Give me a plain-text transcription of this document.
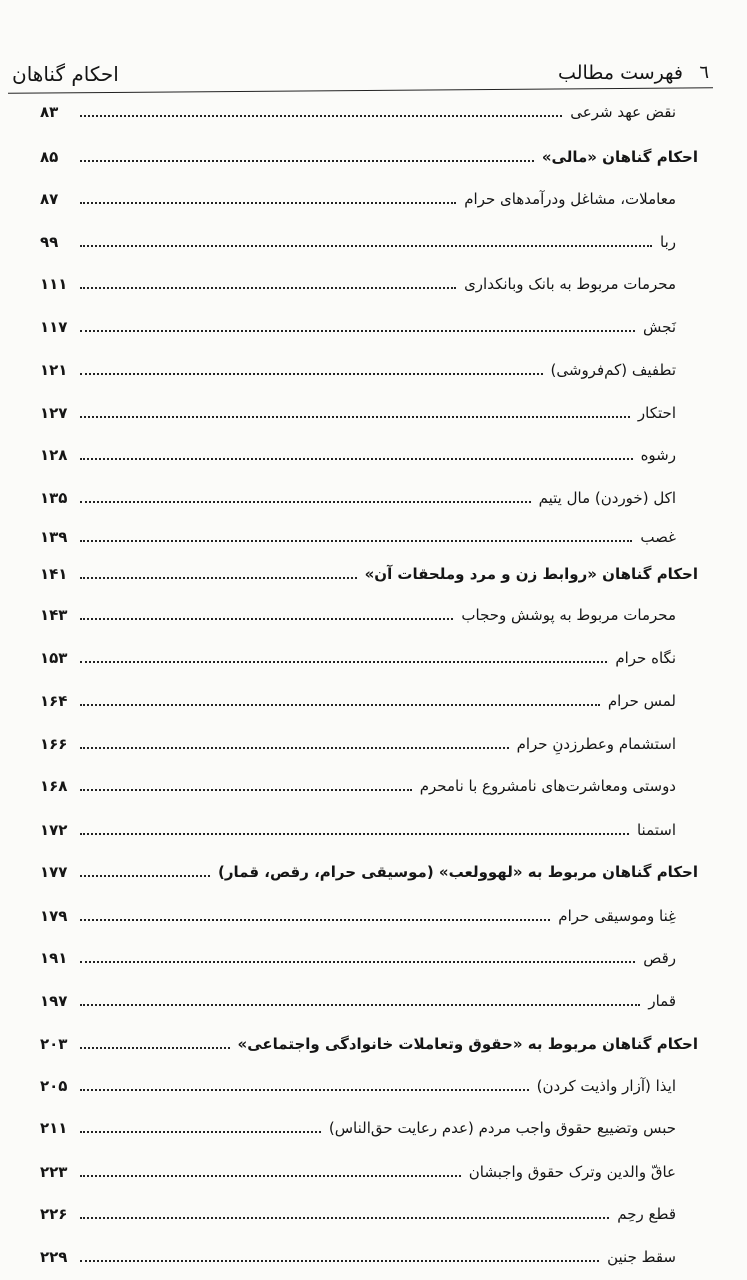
٦
فهرست مطالب
احکام گناهان
نقض عهد شرعی
۸۳
احکام گناهان «مالی»
۸۵
معاملات، مشاغل ودرآمدهای حرام
۸۷
ربا
۹۹
محرمات مربوط به بانک وبانکداری
۱۱۱
نَجش
۱۱۷
تطفیف (کم‌فروشی)
۱۲۱
احتکار
۱۲۷
رشوه
۱۲۸
اکل (خوردن) مال یتیم
۱۳۵
غصب
۱۳۹
احکام گناهان «روابط زن و مرد وملحقات آن»
۱۴۱
محرمات مربوط به پوشش وحجاب
۱۴۳
نگاه حرام
۱۵۳
لمس حرام
۱۶۴
استشمام وعطرزدنِ حرام
۱۶۶
دوستی ومعاشرت‌های نامشروع با نامحرم
۱۶۸
استمنا
۱۷۲
احکام گناهان مربوط به «لهوولعب» (موسیقی حرام، رقص، قمار)
۱۷۷
غِنا وموسیقی حرام
۱۷۹
رقص
۱۹۱
قمار
۱۹۷
احکام گناهان مربوط به «حقوق وتعاملات خانوادگی واجتماعی»
۲۰۳
ایذا (آزار واذیت کردن)
۲۰۵
حبس وتضییع حقوق واجب مردم (عدم رعایت حق‌الناس)
۲۱۱
عاقّ والدین وترک حقوق واجبشان
۲۲۳
قطع رحِم
۲۲۶
سقط جنین
۲۲۹
